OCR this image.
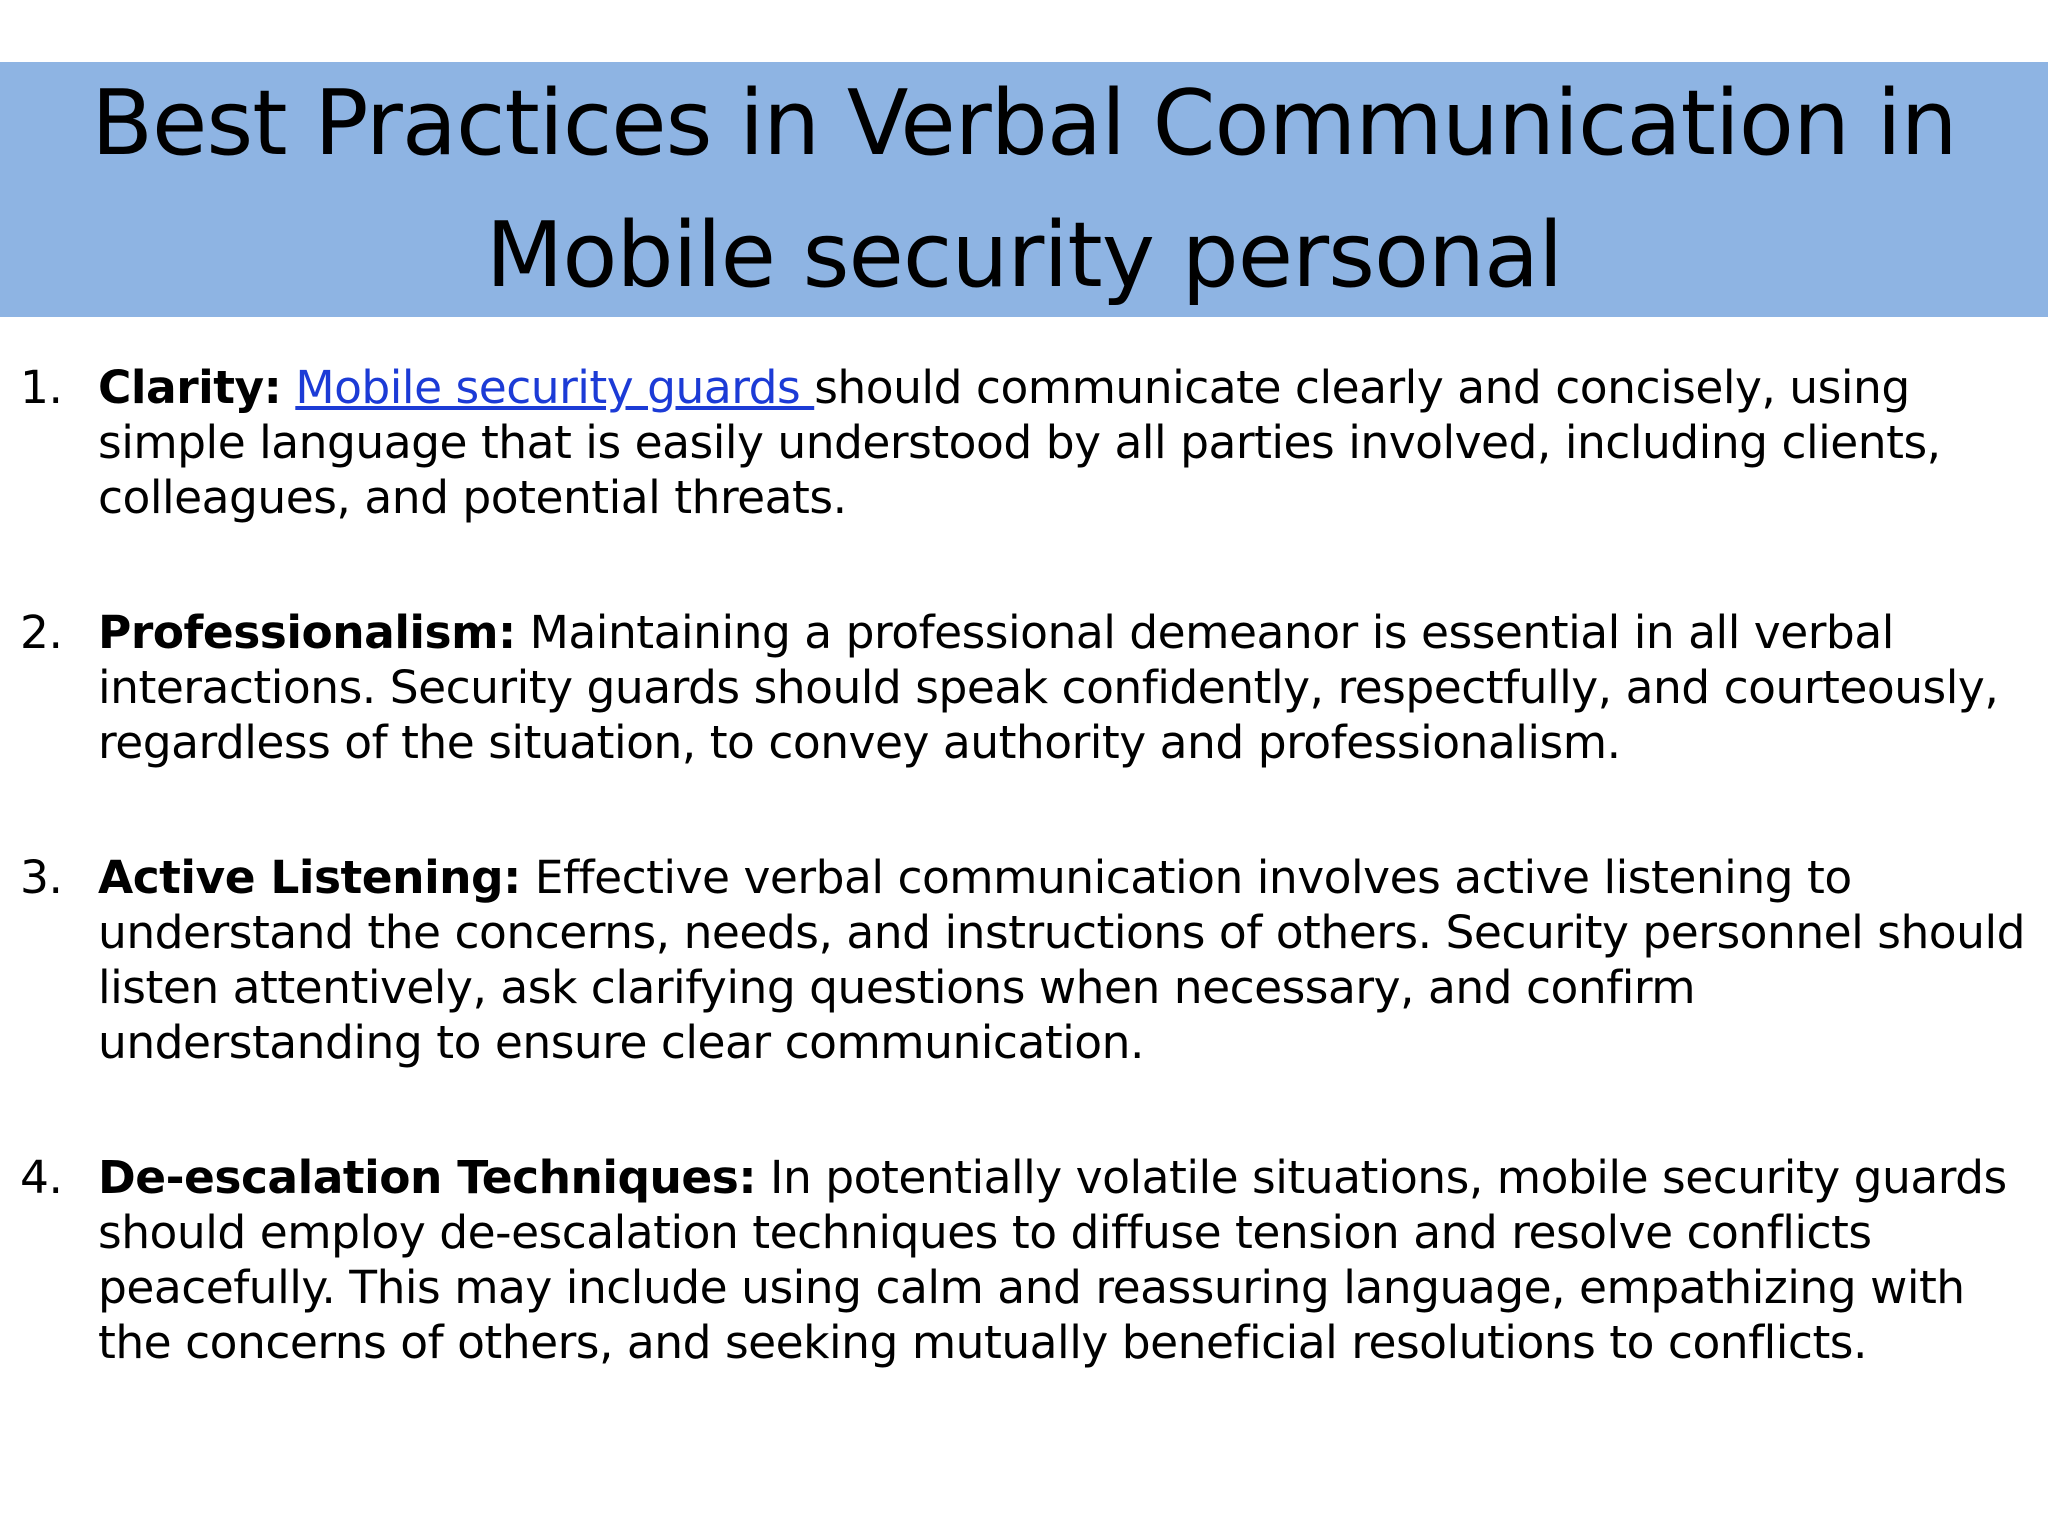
Best Practices in Verbal Communication in
Mobile security personal
1. Clarity: Mobile security guards should communicate clearly and concisely, using simple language that is easily understood by all parties involved, including clients, colleagues, and potential threats.
2. Professionalism: Maintaining a professional demeanor is essential in all verbal interactions. Security guards should speak confidently, respectfully, and courteously, regardless of the situation, to convey authority and professionalism.
3. Active Listening: Effective verbal communication involves active listening to understand the concerns, needs, and instructions of others. Security personnel should listen attentively, ask clarifying questions when necessary, and confirm understanding to ensure clear communication.
4. De-escalation Techniques: In potentially volatile situations, mobile security guards should employ de-escalation techniques to diffuse tension and resolve conflicts peacefully. This may include using calm and reassuring language, empathizing with the concerns of others, and seeking mutually beneficial resolutions to conflicts.
